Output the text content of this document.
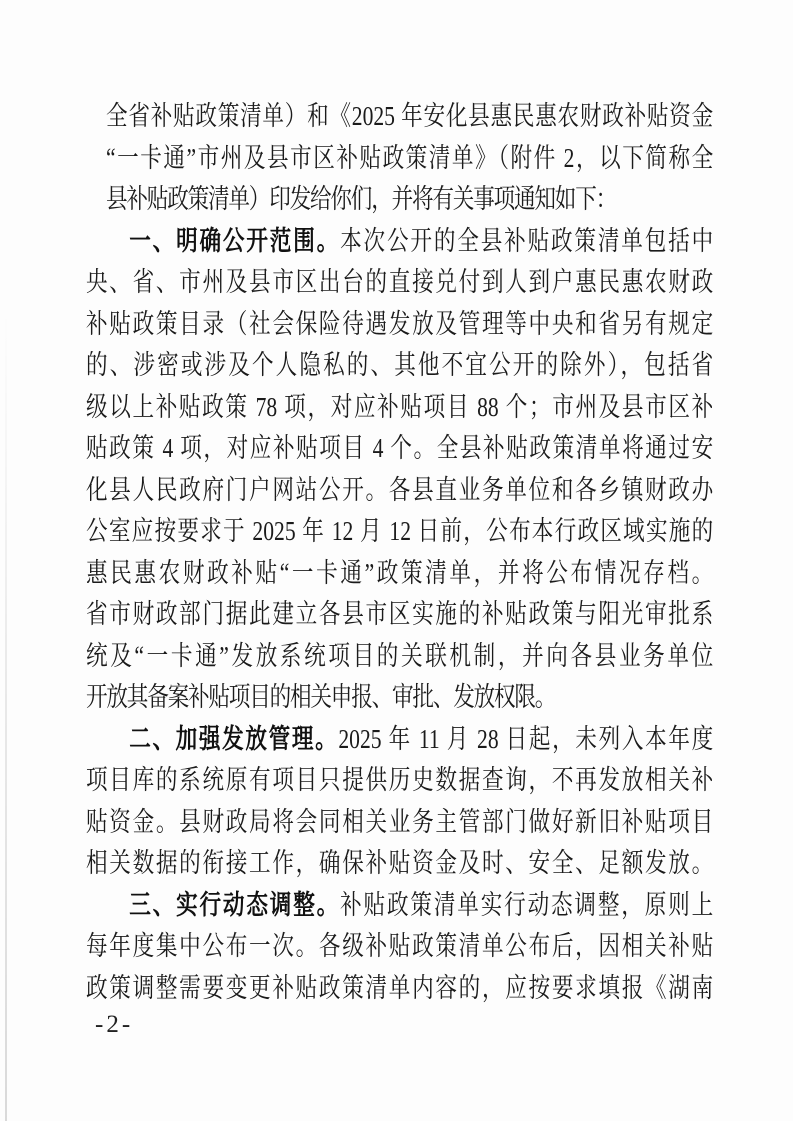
全省补贴政策清单）和《2025 年安化县惠民惠农财政补贴资金

“一卡通”市州及县市区补贴政策清单》（附件 2，以下简称全

县补贴政策清单）印发给你们，并将有关事项通知如下：

一、明确公开范围。本次公开的全县补贴政策清单包括中

央、省、市州及县市区出台的直接兑付到人到户惠民惠农财政

补贴政策目录（社会保险待遇发放及管理等中央和省另有规定

的、涉密或涉及个人隐私的、其他不宜公开的除外），包括省

级以上补贴政策 78 项，对应补贴项目 88 个；市州及县市区补

贴政策 4 项，对应补贴项目 4 个。全县补贴政策清单将通过安

化县人民政府门户网站公开。各县直业务单位和各乡镇财政办

公室应按要求于 2025 年 12 月 12 日前，公布本行政区域实施的

惠民惠农财政补贴“一卡通”政策清单，并将公布情况存档。

省市财政部门据此建立各县市区实施的补贴政策与阳光审批系

统及“一卡通”发放系统项目的关联机制，并向各县业务单位

开放其备案补贴项目的相关申报、审批、发放权限。

二、加强发放管理。2025 年 11 月 28 日起，未列入本年度

项目库的系统原有项目只提供历史数据查询，不再发放相关补

贴资金。县财政局将会同相关业务主管部门做好新旧补贴项目

相关数据的衔接工作，确保补贴资金及时、安全、足额发放。

三、实行动态调整。补贴政策清单实行动态调整，原则上

每年度集中公布一次。各级补贴政策清单公布后，因相关补贴

政策调整需要变更补贴政策清单内容的，应按要求填报《湖南

-2-
